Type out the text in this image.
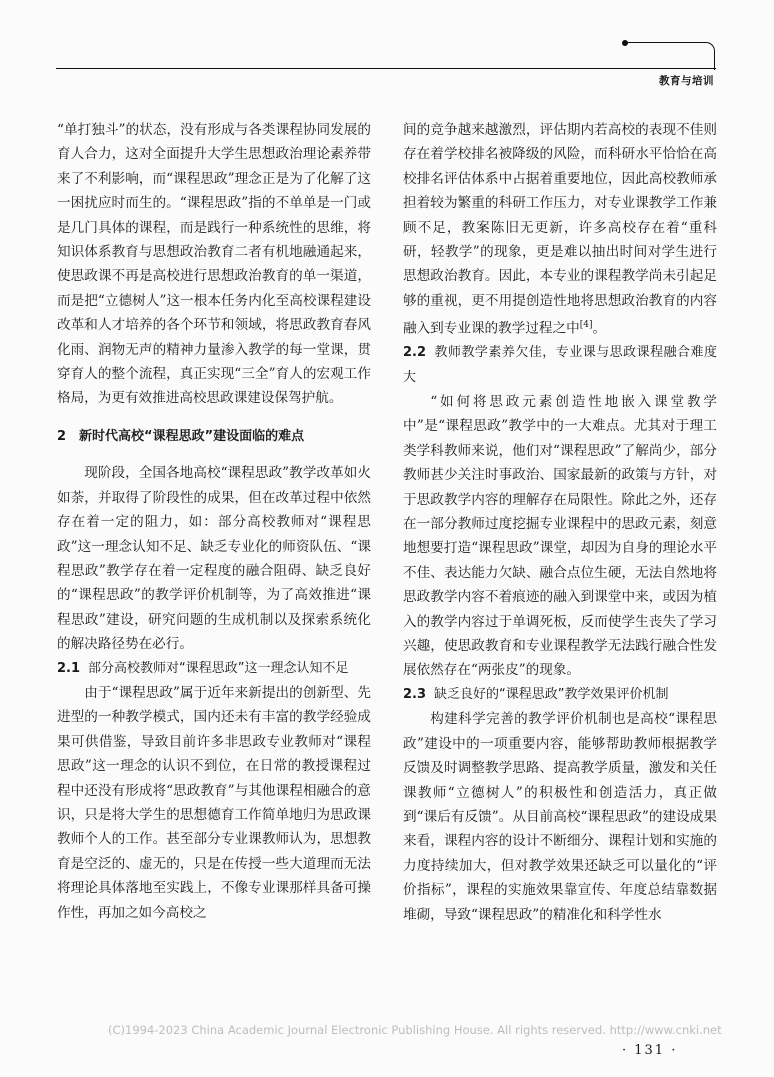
教育与培训

“单打独斗”的状态，没有形成与各类课程协同发展的育人合力，这对全面提升大学生思想政治理论素养带来了不利影响，而“课程思政”理念正是为了化解了这一困扰应时而生的。“课程思政”指的不单单是一门或是几门具体的课程，而是践行一种系统性的思维，将知识体系教育与思想政治教育二者有机地融通起来，使思政课不再是高校进行思想政治教育的单一渠道，而是把“立德树人”这一根本任务内化至高校课程建设改革和人才培养的各个环节和领域，将思政教育春风化雨、润物无声的精神力量渗入教学的每一堂课，贯穿育人的整个流程，真正实现“三全”育人的宏观工作格局，为更有效推进高校思政课建设保驾护航。

2　新时代高校“课程思政”建设面临的难点

现阶段，全国各地高校“课程思政”教学改革如火如荼，并取得了阶段性的成果，但在改革过程中依然存在着一定的阻力，如：部分高校教师对“课程思政”这一理念认知不足、缺乏专业化的师资队伍、“课程思政”教学存在着一定程度的融合阻碍、缺乏良好的“课程思政”的教学评价机制等，为了高效推进“课程思政”建设，研究问题的生成机制以及探索系统化的解决路径势在必行。

2.1 部分高校教师对“课程思政”这一理念认知不足

由于“课程思政”属于近年来新提出的创新型、先进型的一种教学模式，国内还未有丰富的教学经验成果可供借鉴，导致目前许多非思政专业教师对“课程思政”这一理念的认识不到位，在日常的教授课程过程中还没有形成将“思政教育”与其他课程相融合的意识，只是将大学生的思想德育工作简单地归为思政课教师个人的工作。甚至部分专业课教师认为，思想教育是空泛的、虚无的，只是在传授一些大道理而无法将理论具体落地至实践上，不像专业课那样具备可操作性，再加之如今高校之

间的竞争越来越激烈，评估期内若高校的表现不佳则存在着学校排名被降级的风险，而科研水平恰恰在高校排名评估体系中占据着重要地位，因此高校教师承担着较为繁重的科研工作压力，对专业课教学工作兼顾不足，教案陈旧无更新，许多高校存在着“重科研，轻教学”的现象，更是难以抽出时间对学生进行思想政治教育。因此，本专业的课程教学尚未引起足够的重视，更不用提创造性地将思想政治教育的内容融入到专业课的教学过程之中[4]。

2.2 教师教学素养欠佳，专业课与思政课程融合难度大

“如何将思政元素创造性地嵌入课堂教学中”是“课程思政”教学中的一大难点。尤其对于理工类学科教师来说，他们对“课程思政”了解尚少，部分教师甚少关注时事政治、国家最新的政策与方针，对于思政教学内容的理解存在局限性。除此之外，还存在一部分教师过度挖掘专业课程中的思政元素，刻意地想要打造“课程思政”课堂，却因为自身的理论水平不佳、表达能力欠缺、融合点位生硬，无法自然地将思政教学内容不着痕迹的融入到课堂中来，或因为植入的教学内容过于单调死板，反而使学生丧失了学习兴趣，使思政教育和专业课程教学无法践行融合性发展依然存在“两张皮”的现象。

2.3 缺乏良好的“课程思政”教学效果评价机制

构建科学完善的教学评价机制也是高校“课程思政”建设中的一项重要内容，能够帮助教师根据教学反馈及时调整教学思路、提高教学质量，激发和关任课教师“立德树人”的积极性和创造活力，真正做到“课后有反馈”。从目前高校“课程思政”的建设成果来看，课程内容的设计不断细分、课程计划和实施的力度持续加大，但对教学效果还缺乏可以量化的“评价指标”，课程的实施效果靠宣传、年度总结靠数据堆砌，导致“课程思政”的精准化和科学性水

(C)1994-2023 China Academic Journal Electronic Publishing House. All rights reserved. http://www.cnki.net
· 131 ·
